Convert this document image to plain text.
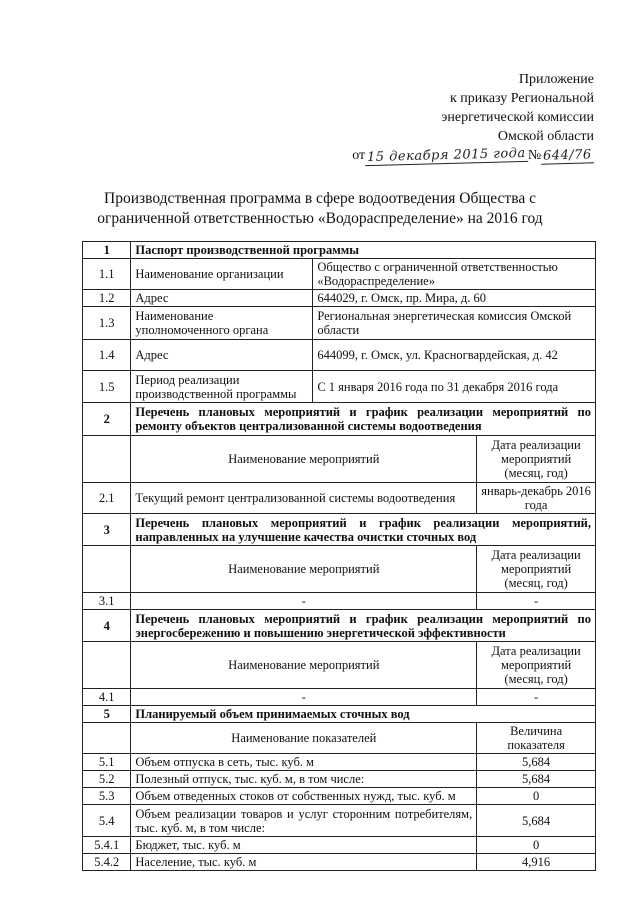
Приложение
к приказу Региональной
энергетической комиссии
Омской области
от 15 декабря 2015 года № 644/76
Производственная программа в сфере водоотведения Общества с
ограниченной ответственностью «Водораспределение» на 2016 год
1	Паспорт производственной программы		
1.1	Наименование организации	Общество с ограниченной ответственностью «Водораспределение»	
1.2	Адрес	644029, г. Омск, пр. Мира, д. 60	
1.3	Наименование уполномоченного органа	Региональная энергетическая комиссия Омской области	
1.4	Адрес	644099, г. Омск, ул. Красногвардейская, д. 42	
1.5	Период реализации производственной программы	С 1 января 2016 года по 31 декабря 2016 года	
2	Перечень плановых мероприятий и график реализации мероприятий по ремонту объектов централизованной системы водоотведения		
	Наименование мероприятий		Дата реализации мероприятий (месяц, год)
2.1	Текущий ремонт централизованной системы водоотведения		январь-декабрь 2016 года
3	Перечень плановых мероприятий и график реализации мероприятий, направленных на улучшение качества очистки сточных вод		
	Наименование мероприятий		Дата реализации мероприятий (месяц, год)
3.1	-		-
4	Перечень плановых мероприятий и график реализации мероприятий по энергосбережению и повышению энергетической эффективности		
	Наименование мероприятий		Дата реализации мероприятий (месяц, год)
4.1	-		-
5	Планируемый объем принимаемых сточных вод		
	Наименование показателей		Величина показателя
5.1	Объем отпуска в сеть, тыс. куб. м		5,684
5.2	Полезный отпуск, тыс. куб. м, в том числе:		5,684
5.3	Объем отведенных стоков от собственных нужд, тыс. куб. м		0
5.4	Объем реализации товаров и услуг сторонним потребителям, тыс. куб. м, в том числе:		5,684
5.4.1	Бюджет, тыс. куб. м		0
5.4.2	Население, тыс. куб. м		4,916
